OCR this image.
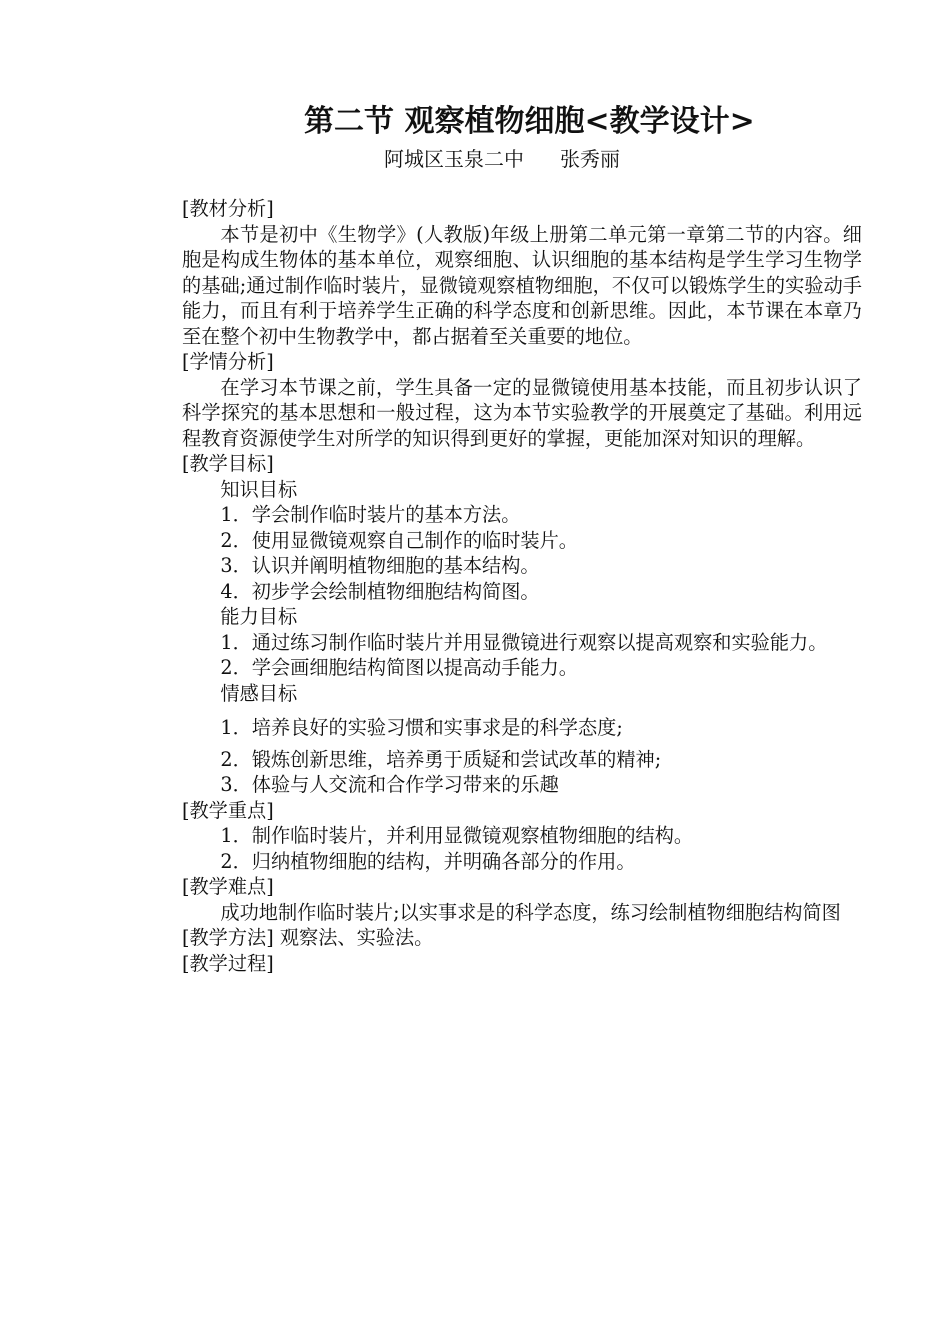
第二节 观察植物细胞<教学设计>
阿城区玉泉二中 张秀丽

[教材分析]

本节是初中《生物学》(人教版)年级上册第二单元第一章第二节的内容。细胞是构成生物体的基本单位，观察细胞、认识细胞的基本结构是学生学习生物学的基础;通过制作临时装片，显微镜观察植物细胞，不仅可以锻炼学生的实验动手能力，而且有利于培养学生正确的科学态度和创新思维。因此，本节课在本章乃至在整个初中生物教学中，都占据着至关重要的地位。

[学情分析]

在学习本节课之前，学生具备一定的显微镜使用基本技能，而且初步认识了科学探究的基本思想和一般过程，这为本节实验教学的开展奠定了基础。利用远程教育资源使学生对所学的知识得到更好的掌握，更能加深对知识的理解。

[教学目标]

知识目标

1．学会制作临时装片的基本方法。

2．使用显微镜观察自己制作的临时装片。

3．认识并阐明植物细胞的基本结构。

4．初步学会绘制植物细胞结构简图。

能力目标

1．通过练习制作临时装片并用显微镜进行观察以提高观察和实验能力。

2．学会画细胞结构简图以提高动手能力。

情感目标

1．培养良好的实验习惯和实事求是的科学态度;

2．锻炼创新思维，培养勇于质疑和尝试改革的精神;

3．体验与人交流和合作学习带来的乐趣

[教学重点]

1．制作临时装片，并利用显微镜观察植物细胞的结构。

2．归纳植物细胞的结构，并明确各部分的作用。

[教学难点]

成功地制作临时装片;以实事求是的科学态度，练习绘制植物细胞结构简图

[教学方法] 观察法、实验法。

[教学过程]
